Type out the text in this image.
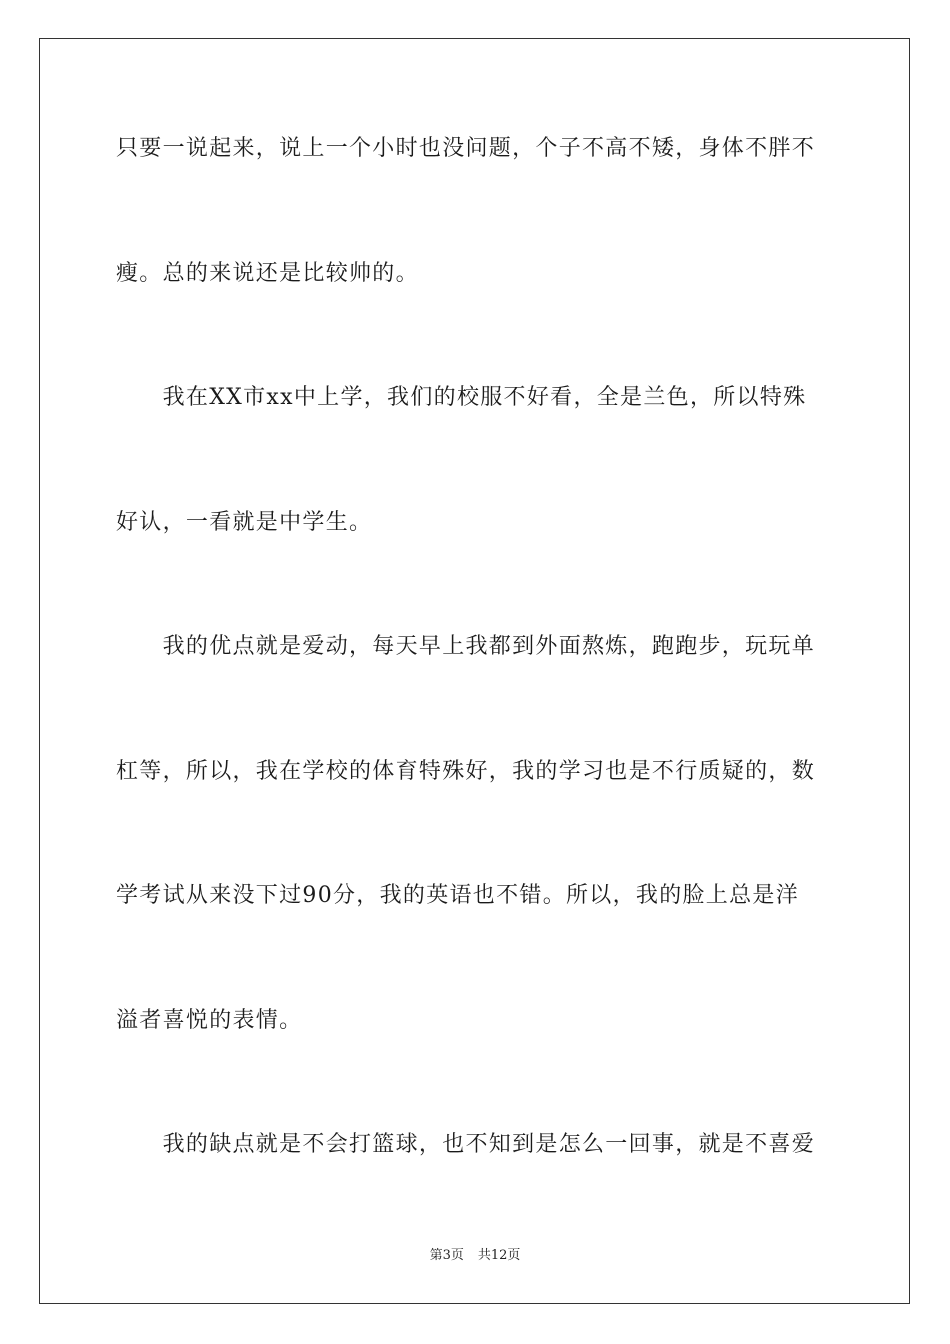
只要一说起来，说上一个小时也没问题，个子不高不矮，身体不胖不
瘦。总的来说还是比较帅的。
　　我在XX市xx中上学，我们的校服不好看，全是兰色，所以特殊
好认，一看就是中学生。
　　我的优点就是爱动，每天早上我都到外面熬炼，跑跑步，玩玩单
杠等，所以，我在学校的体育特殊好，我的学习也是不行质疑的，数
学考试从来没下过90分，我的英语也不错。所以，我的脸上总是洋
溢者喜悦的表情。
　　我的缺点就是不会打篮球，也不知到是怎么一回事，就是不喜爱
第3页 共12页
